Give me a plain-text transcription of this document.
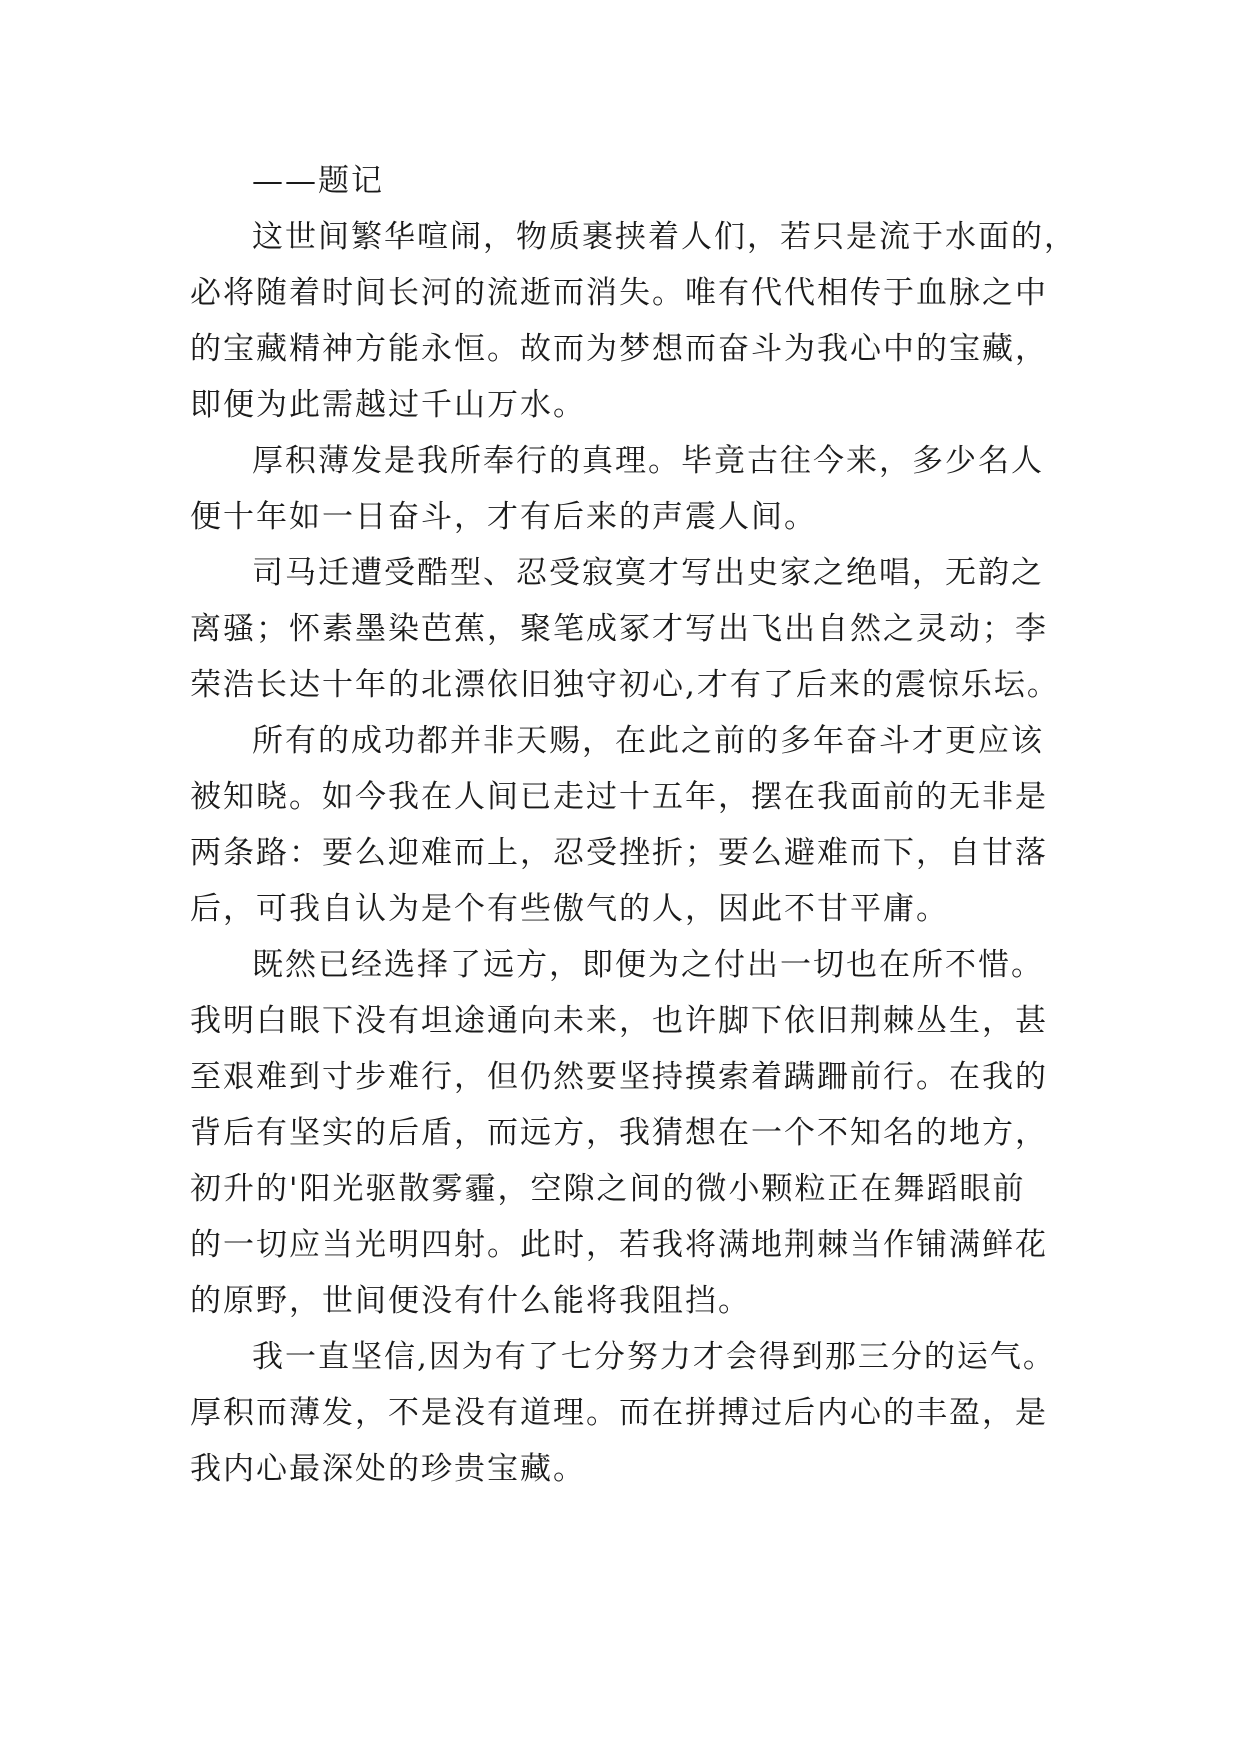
——题记
这世间繁华喧闹，物质裹挟着人们，若只是流于水面的，
必将随着时间长河的流逝而消失。唯有代代相传于血脉之中
的宝藏精神方能永恒。故而为梦想而奋斗为我心中的宝藏，
即便为此需越过千山万水。
厚积薄发是我所奉行的真理。毕竟古往今来，多少名人
便十年如一日奋斗，才有后来的声震人间。
司马迁遭受酷型、忍受寂寞才写出史家之绝唱，无韵之
离骚；怀素墨染芭蕉，聚笔成冢才写出飞出自然之灵动；李
荣浩长达十年的北漂依旧独守初心,才有了后来的震惊乐坛。
所有的成功都并非天赐，在此之前的多年奋斗才更应该
被知晓。如今我在人间已走过十五年，摆在我面前的无非是
两条路：要么迎难而上，忍受挫折；要么避难而下，自甘落
后，可我自认为是个有些傲气的人，因此不甘平庸。
既然已经选择了远方，即便为之付出一切也在所不惜。
我明白眼下没有坦途通向未来，也许脚下依旧荆棘丛生，甚
至艰难到寸步难行，但仍然要坚持摸索着蹒跚前行。在我的
背后有坚实的后盾，而远方，我猜想在一个不知名的地方，
初升的'阳光驱散雾霾，空隙之间的微小颗粒正在舞蹈眼前
的一切应当光明四射。此时，若我将满地荆棘当作铺满鲜花
的原野，世间便没有什么能将我阻挡。
我一直坚信,因为有了七分努力才会得到那三分的运气。
厚积而薄发，不是没有道理。而在拼搏过后内心的丰盈，是
我内心最深处的珍贵宝藏。
